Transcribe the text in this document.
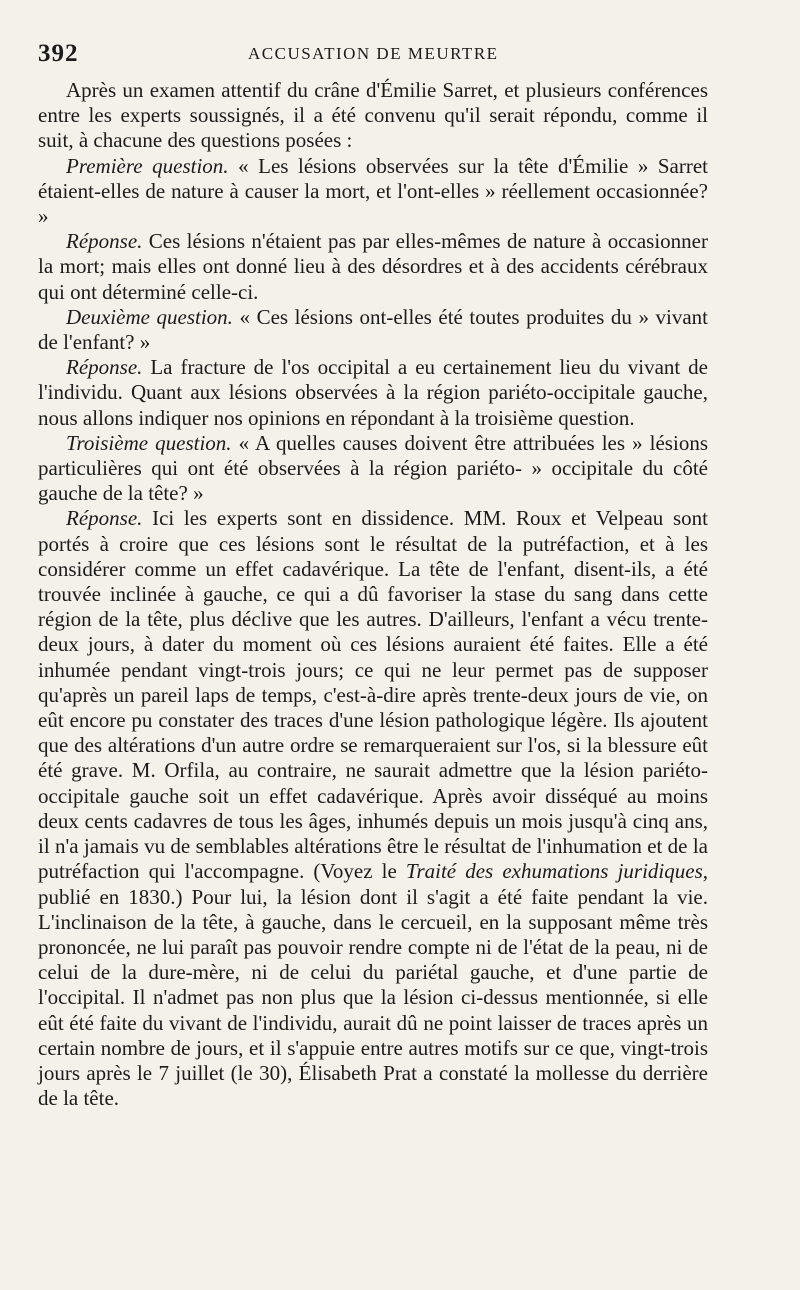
392	ACCUSATION DE MEURTRE

Après un examen attentif du crâne d'Émilie Sarret, et plusieurs conférences entre les experts soussignés, il a été convenu qu'il serait répondu, comme il suit, à chacune des questions posées :

Première question. « Les lésions observées sur la tête d'Émilie » Sarret étaient-elles de nature à causer la mort, et l'ont-elles » réellement occasionnée? »

Réponse. Ces lésions n'étaient pas par elles-mêmes de nature à occasionner la mort; mais elles ont donné lieu à des désordres et à des accidents cérébraux qui ont déterminé celle-ci.

Deuxième question. « Ces lésions ont-elles été toutes produites du » vivant de l'enfant? »

Réponse. La fracture de l'os occipital a eu certainement lieu du vivant de l'individu. Quant aux lésions observées à la région pariéto-occipitale gauche, nous allons indiquer nos opinions en répondant à la troisième question.

Troisième question. « A quelles causes doivent être attribuées les » lésions particulières qui ont été observées à la région pariéto- » occipitale du côté gauche de la tête? »

Réponse. Ici les experts sont en dissidence. MM. Roux et Velpeau sont portés à croire que ces lésions sont le résultat de la putréfaction, et à les considérer comme un effet cadavérique. La tête de l'enfant, disent-ils, a été trouvée inclinée à gauche, ce qui a dû favoriser la stase du sang dans cette région de la tête, plus déclive que les autres. D'ailleurs, l'enfant a vécu trente-deux jours, à dater du moment où ces lésions auraient été faites. Elle a été inhumée pendant vingt-trois jours; ce qui ne leur permet pas de supposer qu'après un pareil laps de temps, c'est-à-dire après trente-deux jours de vie, on eût encore pu constater des traces d'une lésion pathologique légère. Ils ajoutent que des altérations d'un autre ordre se remarqueraient sur l'os, si la blessure eût été grave. M. Orfila, au contraire, ne saurait admettre que la lésion pariéto-occipitale gauche soit un effet cadavérique. Après avoir disséqué au moins deux cents cadavres de tous les âges, inhumés depuis un mois jusqu'à cinq ans, il n'a jamais vu de semblables altérations être le résultat de l'inhumation et de la putréfaction qui l'accompagne. (Voyez le Traité des exhumations juridiques, publié en 1830.) Pour lui, la lésion dont il s'agit a été faite pendant la vie. L'inclinaison de la tête, à gauche, dans le cercueil, en la supposant même très prononcée, ne lui paraît pas pouvoir rendre compte ni de l'état de la peau, ni de celui de la dure-mère, ni de celui du pariétal gauche, et d'une partie de l'occipital. Il n'admet pas non plus que la lésion ci-dessus mentionnée, si elle eût été faite du vivant de l'individu, aurait dû ne point laisser de traces après un certain nombre de jours, et il s'appuie entre autres motifs sur ce que, vingt-trois jours après le 7 juillet (le 30), Élisabeth Prat a constaté la mollesse du derrière de la tête.
